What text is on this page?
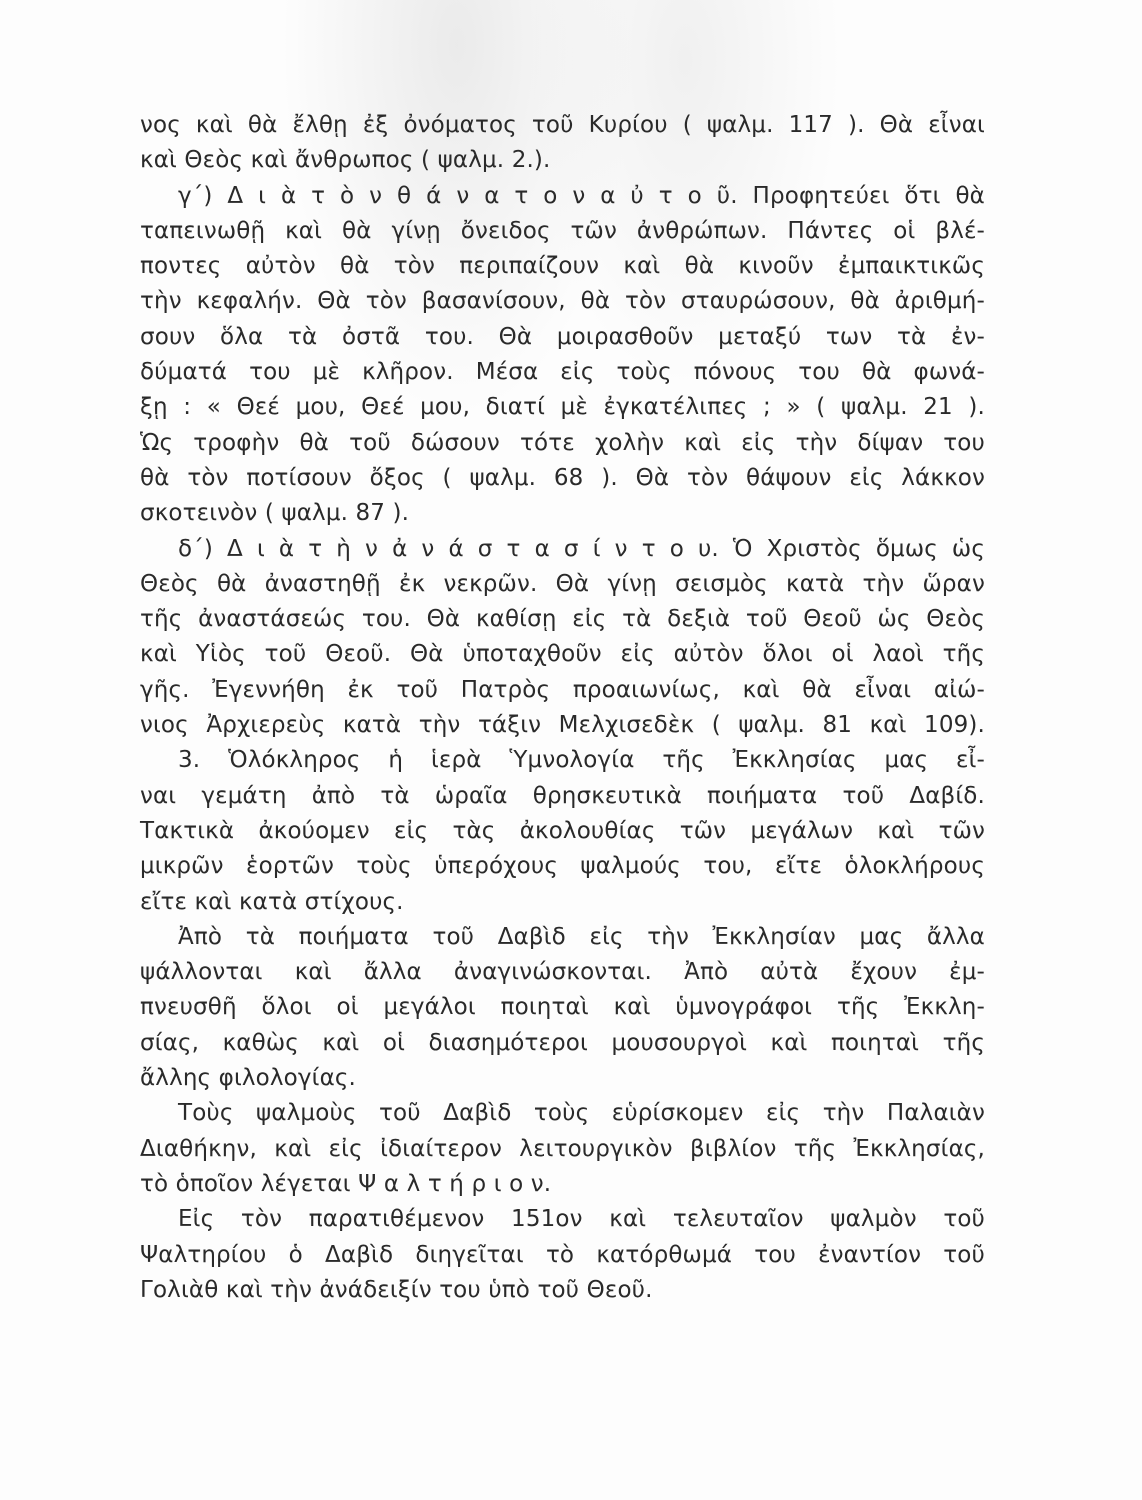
νος καὶ θὰ ἔλθῃ ἐξ ὀνόματος τοῦ Κυρίου ( ψαλμ. 117 ). Θὰ εἶναι
καὶ Θεὸς καὶ ἄνθρωπος ( ψαλμ. 2.).
γ΄) Δ ι ὰ τ ὸ ν θ ά ν α τ ο ν α ὐ τ ο ῦ. Προφητεύει ὅτι θὰ
ταπεινωθῇ καὶ θὰ γίνῃ ὄνειδος τῶν ἀνθρώπων. Πάντες οἱ βλέ-
ποντες αὐτὸν θὰ τὸν περιπαίζουν καὶ θὰ κινοῦν ἐμπαικτικῶς
τὴν κεφαλήν. Θὰ τὸν βασανίσουν, θὰ τὸν σταυρώσουν, θὰ ἀριθμή-
σουν ὅλα τὰ ὀστᾶ του. Θὰ μοιρασθοῦν μεταξύ των τὰ ἐν-
δύματά του μὲ κλῆρον. Μέσα εἰς τοὺς πόνους του θὰ φωνά-
ξῃ : « Θεέ μου, Θεέ μου, διατί μὲ ἐγκατέλιπες ; » ( ψαλμ. 21 ).
Ὡς τροφὴν θὰ τοῦ δώσουν τότε χολὴν καὶ εἰς τὴν δίψαν του
θὰ τὸν ποτίσουν ὄξος ( ψαλμ. 68 ). Θὰ τὸν θάψουν εἰς λάκκον
σκοτεινὸν ( ψαλμ. 87 ).
δ΄) Δ ι ὰ τ ὴ ν ἀ ν ά σ τ α σ ί ν τ ο υ. Ὁ Χριστὸς ὅμως ὡς
Θεὸς θὰ ἀναστηθῇ ἐκ νεκρῶν. Θὰ γίνῃ σεισμὸς κατὰ τὴν ὥραν
τῆς ἀναστάσεώς του. Θὰ καθίσῃ εἰς τὰ δεξιὰ τοῦ Θεοῦ ὡς Θεὸς
καὶ Υἱὸς τοῦ Θεοῦ. Θὰ ὑποταχθοῦν εἰς αὐτὸν ὅλοι οἱ λαοὶ τῆς
γῆς. Ἐγεννήθη ἐκ τοῦ Πατρὸς προαιωνίως, καὶ θὰ εἶναι αἰώ-
νιος Ἀρχιερεὺς κατὰ τὴν τάξιν Μελχισεδὲκ ( ψαλμ. 81 καὶ 109).
3. Ὁλόκληρος ἡ ἱερὰ Ὑμνολογία τῆς Ἐκκλησίας μας εἶ-
ναι γεμάτη ἀπὸ τὰ ὡραῖα θρησκευτικὰ ποιήματα τοῦ Δαβίδ.
Τακτικὰ ἀκούομεν εἰς τὰς ἀκολουθίας τῶν μεγάλων καὶ τῶν
μικρῶν ἑορτῶν τοὺς ὑπερόχους ψαλμούς του, εἴτε ὁλοκλήρους
εἴτε καὶ κατὰ στίχους.
Ἀπὸ τὰ ποιήματα τοῦ Δαβὶδ εἰς τὴν Ἐκκλησίαν μας ἄλλα
ψάλλονται καὶ ἄλλα ἀναγινώσκονται. Ἀπὸ αὐτὰ ἔχουν ἐμ-
πνευσθῆ ὅλοι οἱ μεγάλοι ποιηταὶ καὶ ὑμνογράφοι τῆς Ἐκκλη-
σίας, καθὼς καὶ οἱ διασημότεροι μουσουργοὶ καὶ ποιηταὶ τῆς
ἄλλης φιλολογίας.
Τοὺς ψαλμοὺς τοῦ Δαβὶδ τοὺς εὑρίσκομεν εἰς τὴν Παλαιὰν
Διαθήκην, καὶ εἰς ἰδιαίτερον λειτουργικὸν βιβλίον τῆς Ἐκκλησίας,
τὸ ὁποῖον λέγεται Ψ α λ τ ή ρ ι ο ν.
Εἰς τὸν παρατιθέμενον 151ον καὶ τελευταῖον ψαλμὸν τοῦ
Ψαλτηρίου ὁ Δαβὶδ διηγεῖται τὸ κατόρθωμά του ἐναντίον τοῦ
Γολιὰθ καὶ τὴν ἀνάδειξίν του ὑπὸ τοῦ Θεοῦ.
